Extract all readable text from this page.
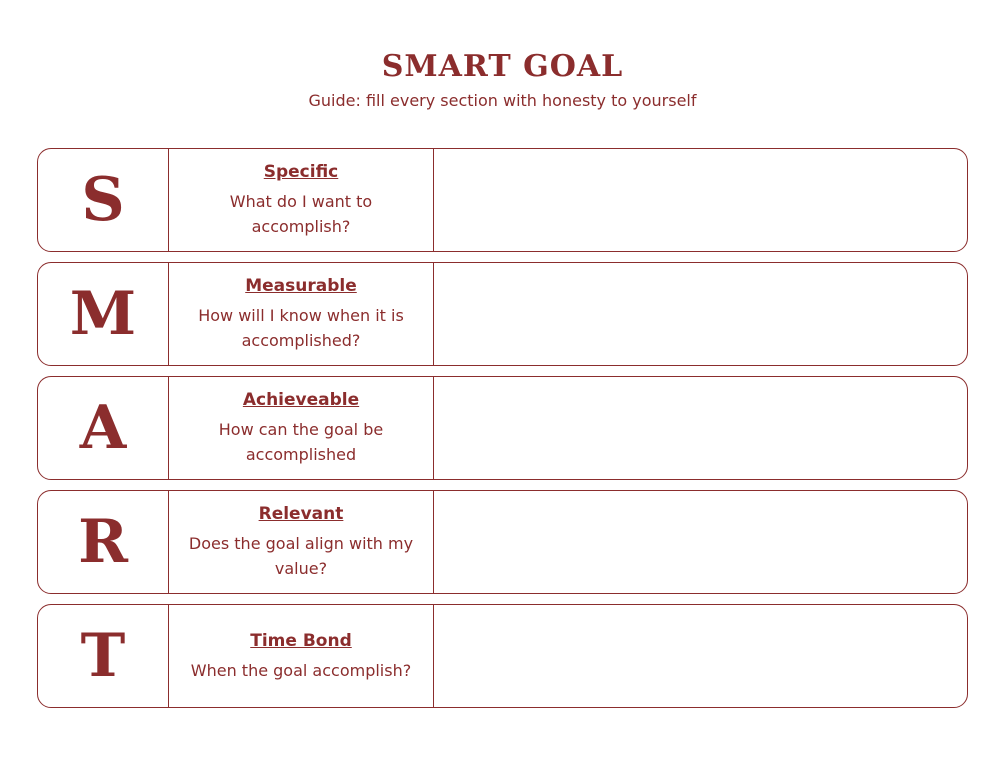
SMART GOAL
Guide: fill every section with honesty to yourself
S	Specific
What do I want to accomplish?
M	Measurable
How will I know when it is accomplished?
A	Achieveable
How can the goal be accomplished
R	Relevant
Does the goal align with my value?
T	Time Bond
When the goal accomplish?
